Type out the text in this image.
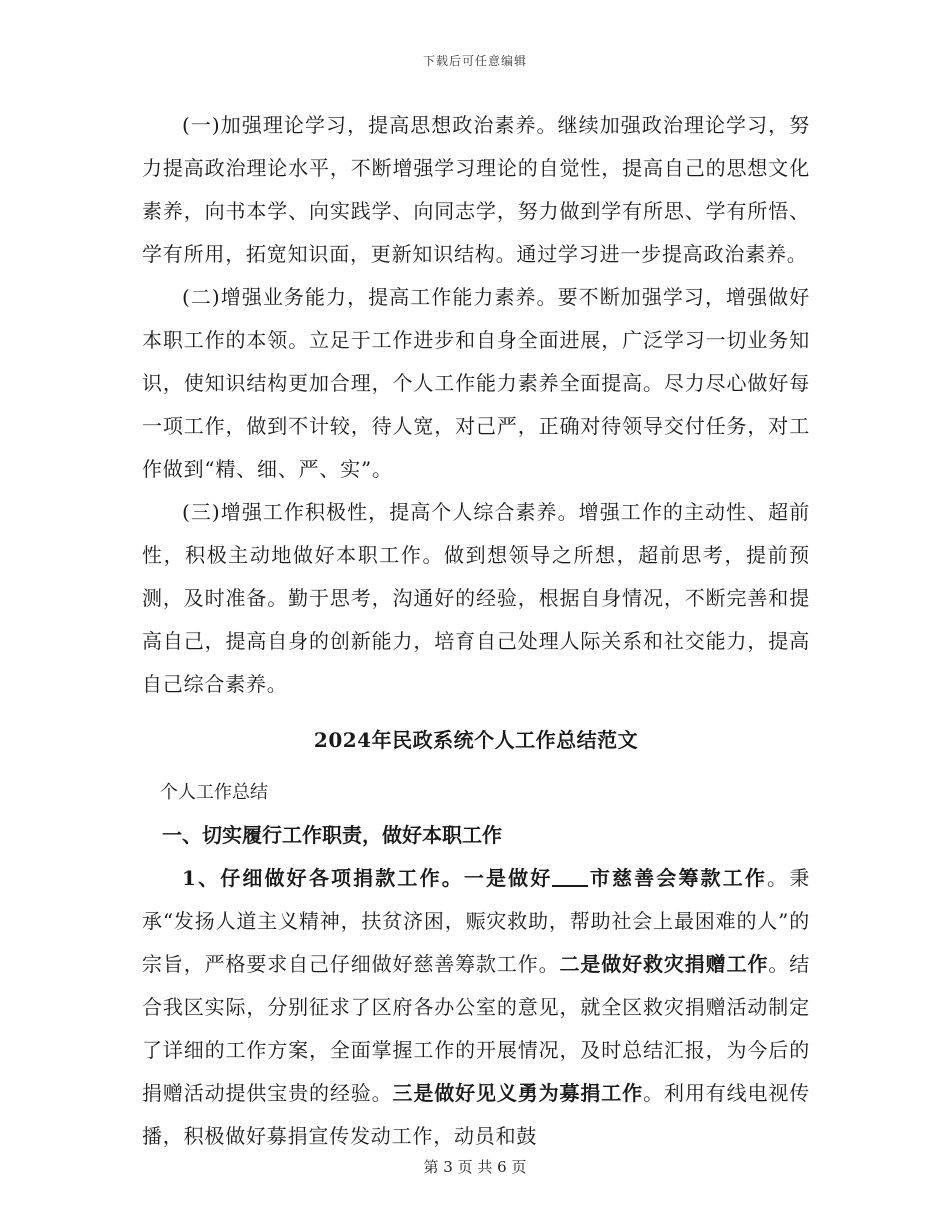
下载后可任意编辑

(一)加强理论学习，提高思想政治素养。继续加强政治理论学习，努力提高政治理论水平，不断增强学习理论的自觉性，提高自己的思想文化素养，向书本学、向实践学、向同志学，努力做到学有所思、学有所悟、学有所用，拓宽知识面，更新知识结构。通过学习进一步提高政治素养。

(二)增强业务能力，提高工作能力素养。要不断加强学习，增强做好本职工作的本领。立足于工作进步和自身全面进展，广泛学习一切业务知识，使知识结构更加合理，个人工作能力素养全面提高。尽力尽心做好每一项工作，做到不计较，待人宽，对己严，正确对待领导交付任务，对工作做到“精、细、严、实”。

(三)增强工作积极性，提高个人综合素养。增强工作的主动性、超前性，积极主动地做好本职工作。做到想领导之所想，超前思考，提前预测，及时准备。勤于思考，沟通好的经验，根据自身情况，不断完善和提高自己，提高自身的创新能力，培育自己处理人际关系和社交能力，提高自己综合素养。

2024年民政系统个人工作总结范文

个人工作总结

一、切实履行工作职责，做好本职工作

1、仔细做好各项捐款工作。一是做好 市慈善会筹款工作。秉承“发扬人道主义精神，扶贫济困，赈灾救助，帮助社会上最困难的人”的宗旨，严格要求自己仔细做好慈善筹款工作。二是做好救灾捐赠工作。结合我区实际，分别征求了区府各办公室的意见，就全区救灾捐赠活动制定了详细的工作方案，全面掌握工作的开展情况，及时总结汇报，为今后的捐赠活动提供宝贵的经验。三是做好见义勇为募捐工作。利用有线电视传播，积极做好募捐宣传发动工作，动员和鼓

第 3 页 共 6 页
